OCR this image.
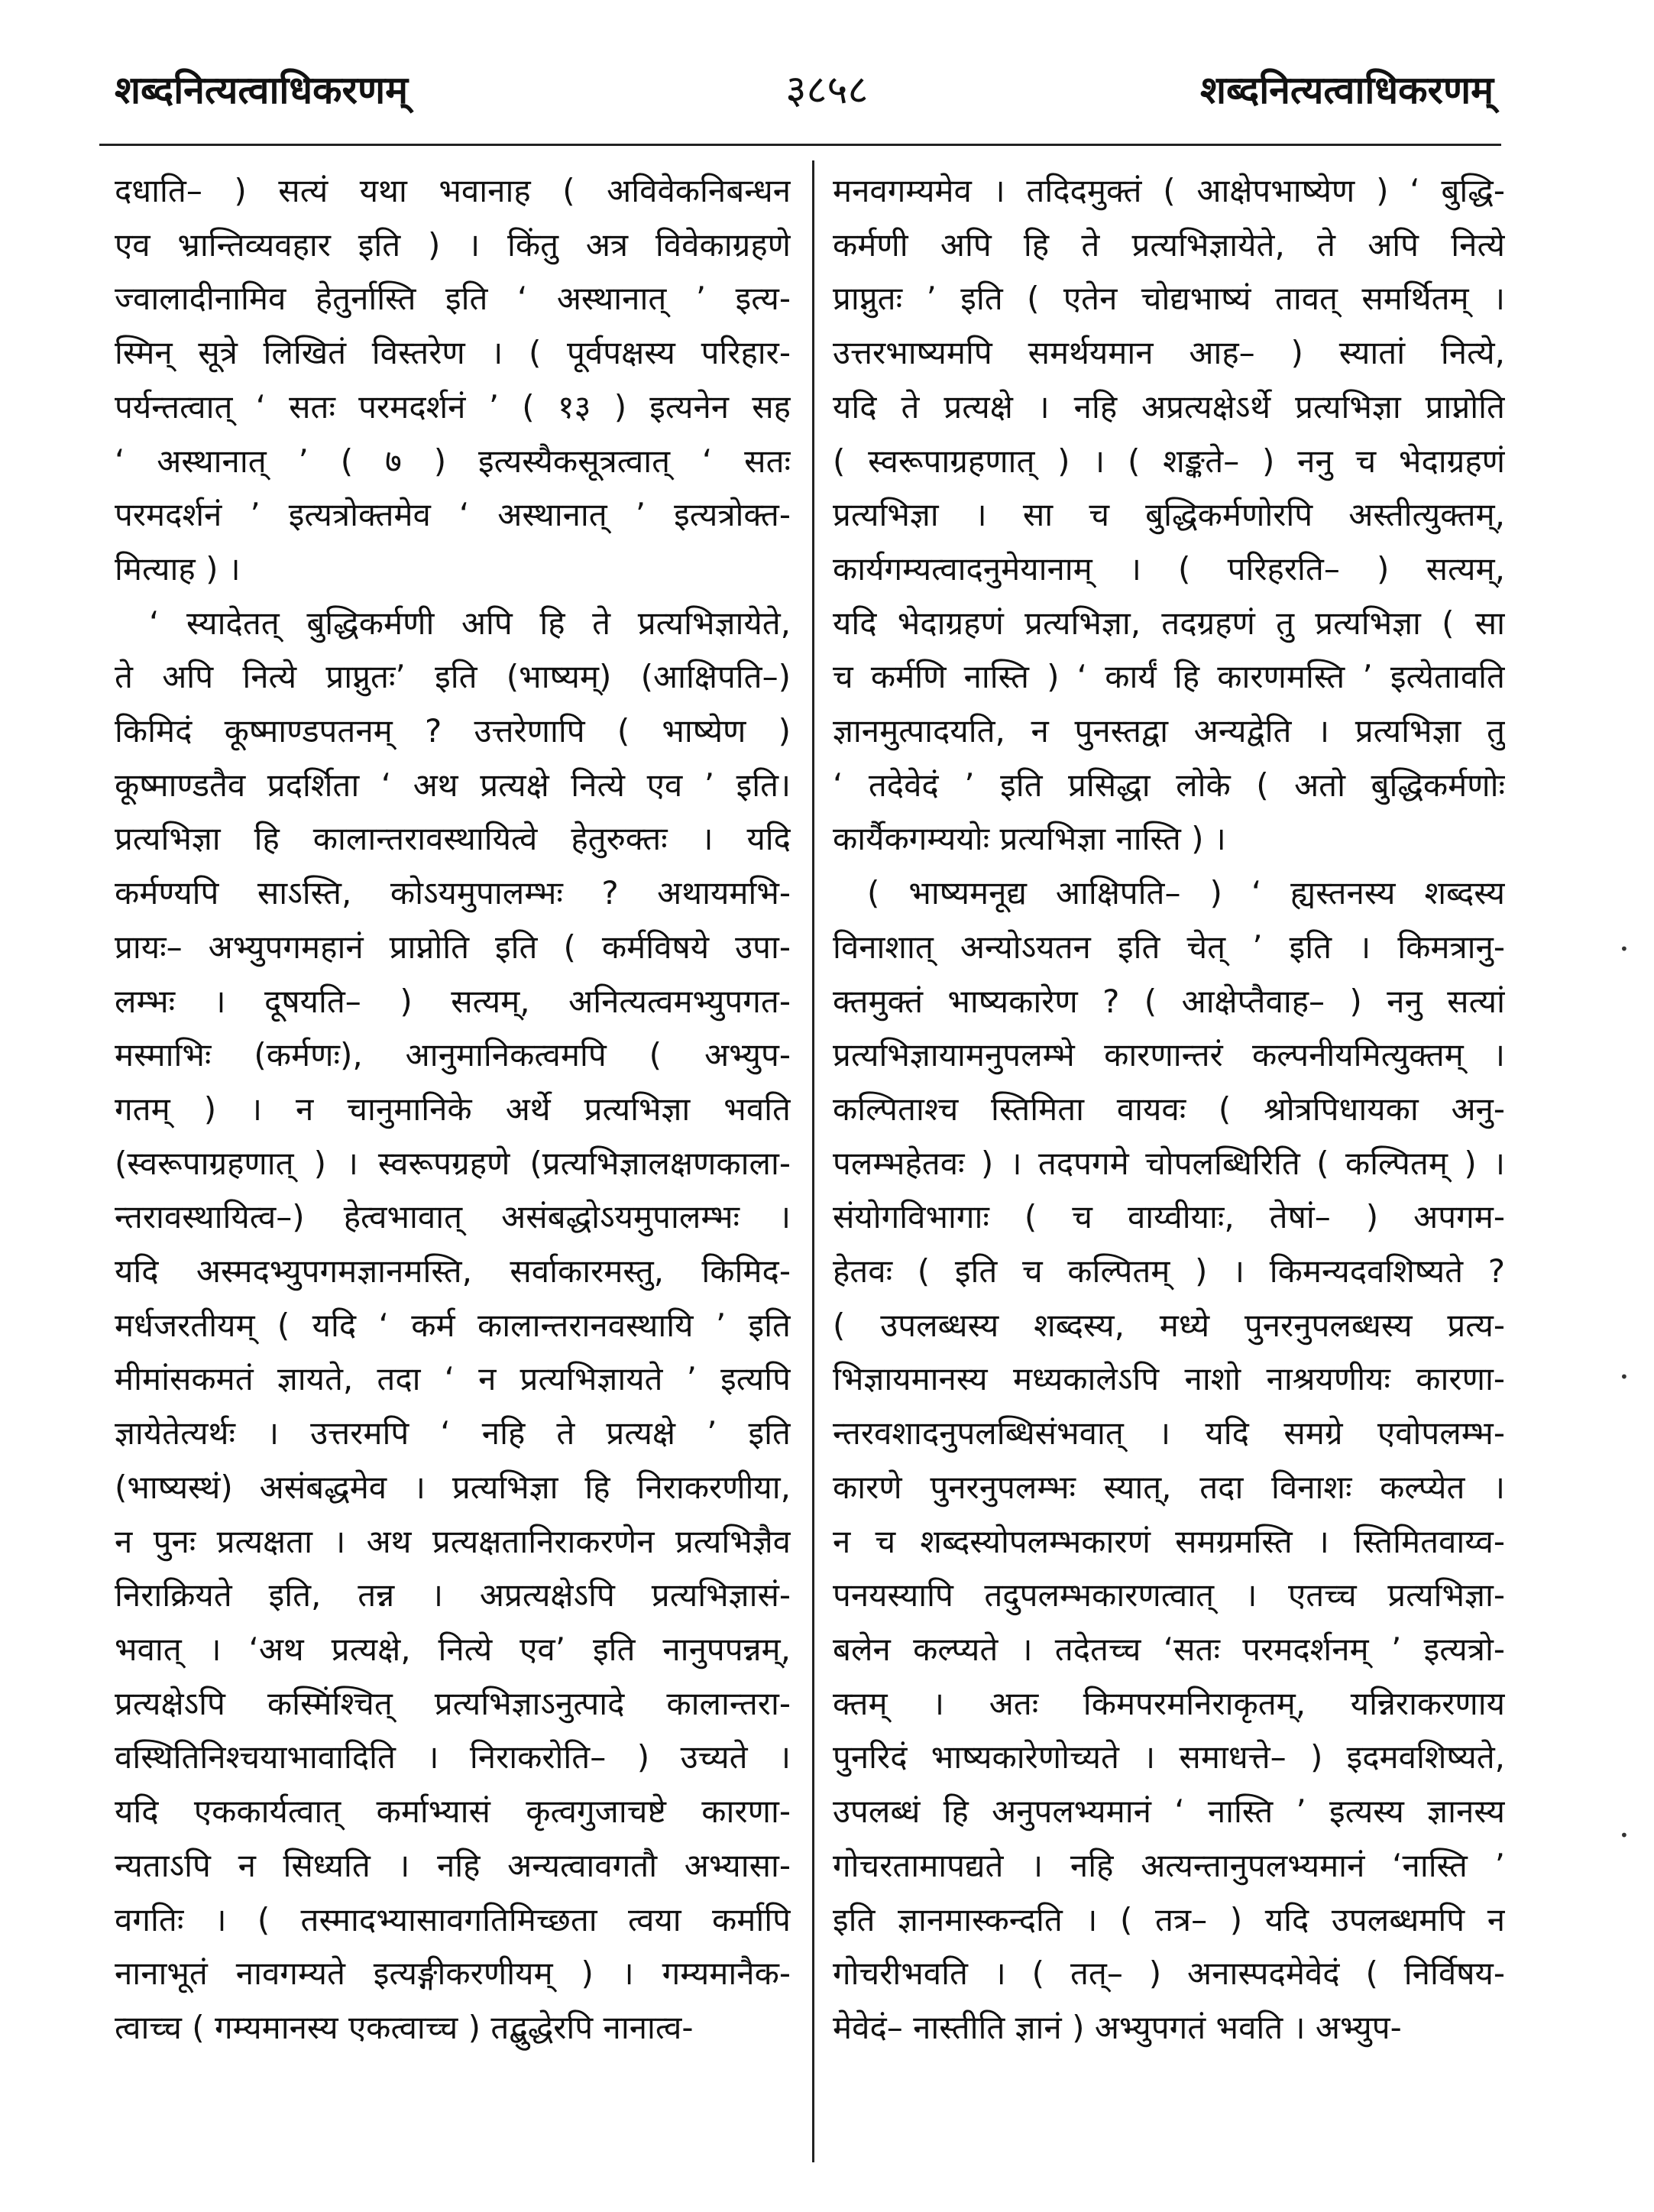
३८५८
शब्दनित्यत्वाधिकरणम्	शब्दनित्यत्वाधिकरणम्
दधाति– ) सत्यं यथा भवानाह ( अविवेकनिबन्धन
एव भ्रान्तिव्यवहार इति ) । किंतु अत्र विवेकाग्रहणे
ज्वालादीनामिव हेतुर्नास्ति इति ‘ अस्थानात् ’ इत्य-
स्मिन् सूत्रे लिखितं विस्तरेण । ( पूर्वपक्षस्य परिहार-
पर्यन्तत्वात् ‘ सतः परमदर्शनं ’ ( १३ ) इत्यनेन सह
‘ अस्थानात् ’ ( ७ ) इत्यस्यैकसूत्रत्वात् ‘ सतः
परमदर्शनं ’ इत्यत्रोक्तमेव ‘ अस्थानात् ’ इत्यत्रोक्त-
मित्याह ) ।
‘ स्यादेतत् बुद्धिकर्मणी अपि हि ते प्रत्यभिज्ञायेते,
ते अपि नित्ये प्राप्नुतः’ इति (भाष्यम्) (आक्षिपति–)
किमिदं कूष्माण्डपतनम् ? उत्तरेणापि ( भाष्येण )
कूष्माण्डतैव प्रदर्शिता ‘ अथ प्रत्यक्षे नित्ये एव ’ इति।
प्रत्यभिज्ञा हि कालान्तरावस्थायित्वे हेतुरुक्तः । यदि
कर्मण्यपि साऽस्ति, कोऽयमुपालम्भः ? अथायमभि-
प्रायः– अभ्युपगमहानं प्राप्नोति इति ( कर्मविषये उपा-
लम्भः । दूषयति– ) सत्यम्, अनित्यत्वमभ्युपगत-
मस्माभिः (कर्मणः), आनुमानिकत्वमपि ( अभ्युप-
गतम् ) । न चानुमानिके अर्थे प्रत्यभिज्ञा भवति
(स्वरूपाग्रहणात् ) । स्वरूपग्रहणे (प्रत्यभिज्ञालक्षणकाला-
न्तरावस्थायित्व–) हेत्वभावात् असंबद्धोऽयमुपालम्भः ।
यदि अस्मदभ्युपगमज्ञानमस्ति, सर्वाकारमस्तु, किमिद-
मर्धजरतीयम् ( यदि ‘ कर्म कालान्तरानवस्थायि ’ इति
मीमांसकमतं ज्ञायते, तदा ‘ न प्रत्यभिज्ञायते ’ इत्यपि
ज्ञायेतेत्यर्थः । उत्तरमपि ‘ नहि ते प्रत्यक्षे ’ इति
(भाष्यस्थं) असंबद्धमेव । प्रत्यभिज्ञा हि निराकरणीया,
न पुनः प्रत्यक्षता । अथ प्रत्यक्षतानिराकरणेन प्रत्यभिज्ञैव
निराक्रियते इति, तन्न । अप्रत्यक्षेऽपि प्रत्यभिज्ञासं-
भवात् । ‘अथ प्रत्यक्षे, नित्ये एव’ इति नानुपपन्नम्,
प्रत्यक्षेऽपि कस्मिंश्चित् प्रत्यभिज्ञाऽनुत्पादे कालान्तरा-
वस्थितिनिश्चयाभावादिति । निराकरोति– ) उच्यते ।
यदि एककार्यत्वात् कर्माभ्यासं कृत्वगुजाचष्टे कारणा-
न्यताऽपि न सिध्यति । नहि अन्यत्वावगतौ अभ्यासा-
वगतिः । ( तस्मादभ्यासावगतिमिच्छता त्वया कर्मापि
नानाभूतं नावगम्यते इत्यङ्गीकरणीयम् ) । गम्यमानैक-
त्वाच्च ( गम्यमानस्य एकत्वाच्च ) तद्बुद्धेरपि नानात्व-
मनवगम्यमेव । तदिदमुक्तं ( आक्षेपभाष्येण ) ‘ बुद्धि-
कर्मणी अपि हि ते प्रत्यभिज्ञायेते, ते अपि नित्ये
प्राप्नुतः ’ इति ( एतेन चोद्यभाष्यं तावत् समर्थितम् ।
उत्तरभाष्यमपि समर्थयमान आह– ) स्यातां नित्ये,
यदि ते प्रत्यक्षे । नहि अप्रत्यक्षेऽर्थे प्रत्यभिज्ञा प्राप्नोति
( स्वरूपाग्रहणात् ) । ( शङ्कते– ) ननु च भेदाग्रहणं
प्रत्यभिज्ञा । सा च बुद्धिकर्मणोरपि अस्तीत्युक्तम्,
कार्यगम्यत्वादनुमेयानाम् । ( परिहरति– ) सत्यम्,
यदि भेदाग्रहणं प्रत्यभिज्ञा, तदग्रहणं तु प्रत्यभिज्ञा ( सा
च कर्मणि नास्ति ) ‘ कार्यं हि कारणमस्ति ’ इत्येतावति
ज्ञानमुत्पादयति, न पुनस्तद्वा अन्यद्वेति । प्रत्यभिज्ञा तु
‘ तदेवेदं ’ इति प्रसिद्धा लोके ( अतो बुद्धिकर्मणोः
कार्यैकगम्ययोः प्रत्यभिज्ञा नास्ति ) ।
( भाष्यमनूद्य आक्षिपति– ) ‘ ह्यस्तनस्य शब्दस्य
विनाशात् अन्योऽयतन इति चेत् ’ इति । किमत्रानु-
क्तमुक्तं भाष्यकारेण ? ( आक्षेप्तैवाह– ) ननु सत्यां
प्रत्यभिज्ञायामनुपलम्भे कारणान्तरं कल्पनीयमित्युक्तम् ।
कल्पिताश्च स्तिमिता वायवः ( श्रोत्रपिधायका अनु-
पलम्भहेतवः ) । तदपगमे चोपलब्धिरिति ( कल्पितम् ) ।
संयोगविभागाः ( च वाय्वीयाः, तेषां– ) अपगम-
हेतवः ( इति च कल्पितम् ) । किमन्यदवशिष्यते ?
( उपलब्धस्य शब्दस्य, मध्ये पुनरनुपलब्धस्य प्रत्य-
भिज्ञायमानस्य मध्यकालेऽपि नाशो नाश्रयणीयः कारणा-
न्तरवशादनुपलब्धिसंभवात् । यदि समग्रे एवोपलम्भ-
कारणे पुनरनुपलम्भः स्यात्, तदा विनाशः कल्प्येत ।
न च शब्दस्योपलम्भकारणं समग्रमस्ति । स्तिमितवाय्व-
पनयस्यापि तदुपलम्भकारणत्वात् । एतच्च प्रत्यभिज्ञा-
बलेन कल्प्यते । तदेतच्च ‘सतः परमदर्शनम् ’ इत्यत्रो-
क्तम् । अतः किमपरमनिराकृतम्, यन्निराकरणाय
पुनरिदं भाष्यकारेणोच्यते । समाधत्ते– ) इदमवशिष्यते,
उपलब्धं हि अनुपलभ्यमानं ‘ नास्ति ’ इत्यस्य ज्ञानस्य
गोचरतामापद्यते । नहि अत्यन्तानुपलभ्यमानं ‘नास्ति ’
इति ज्ञानमास्कन्दति । ( तत्र– ) यदि उपलब्धमपि न
गोचरीभवति । ( तत्– ) अनास्पदमेवेदं ( निर्विषय-
मेवेदं– नास्तीति ज्ञानं ) अभ्युपगतं भवति । अभ्युप-
•
•
•
